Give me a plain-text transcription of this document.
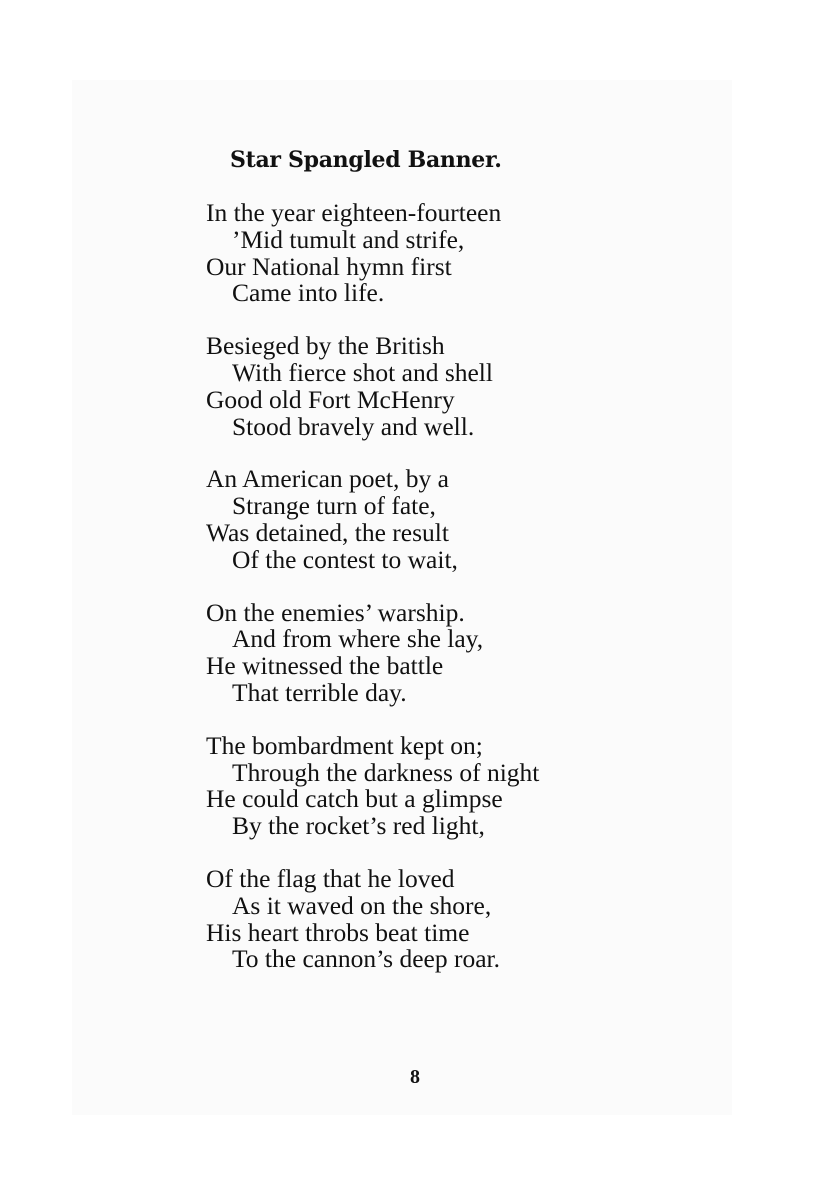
Star Spangled Banner.
In the year eighteen-fourteen
’Mid tumult and strife,
Our National hymn first
Came into life.
Besieged by the British
With fierce shot and shell
Good old Fort McHenry
Stood bravely and well.
An American poet, by a
Strange turn of fate,
Was detained, the result
Of the contest to wait,
On the enemies’ warship.
And from where she lay,
He witnessed the battle
That terrible day.
The bombardment kept on;
Through the darkness of night
He could catch but a glimpse
By the rocket’s red light,
Of the flag that he loved
As it waved on the shore,
His heart throbs beat time
To the cannon’s deep roar.
8
